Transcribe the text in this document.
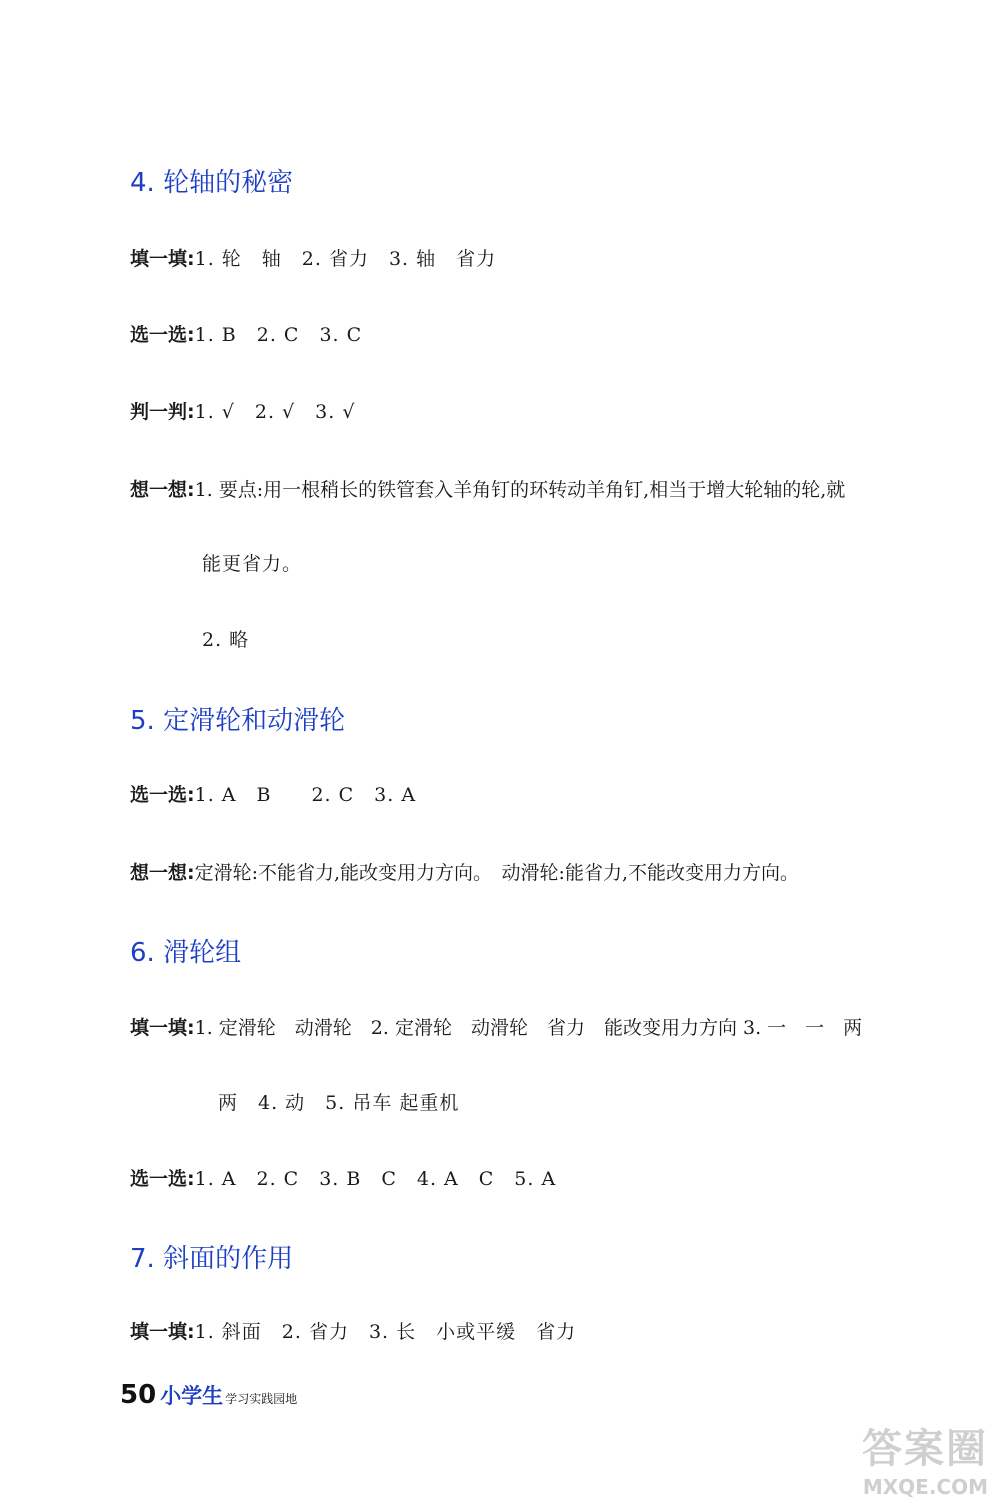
4. 轮轴的秘密
填一填:1. 轮　轴　2. 省力　3. 轴　省力
选一选:1. B　2. C　3. C
判一判:1. √　2. √　3. √
想一想:1. 要点:用一根稍长的铁管套入羊角钉的环转动羊角钉,相当于增大轮轴的轮,就
能更省力。
2. 略
5. 定滑轮和动滑轮
选一选:1. A　B　　2. C　3. A
想一想:定滑轮:不能省力,能改变用力方向。　动滑轮:能省力,不能改变用力方向。
6. 滑轮组
填一填:1. 定滑轮　动滑轮　2. 定滑轮　动滑轮　省力　能改变用力方向 3. 一　一　两
两　4. 动　5. 吊车 起重机
选一选:1. A　2. C　3. B　C　4. A　C　5. A
7. 斜面的作用
填一填:1. 斜面　2. 省力　3. 长　小或平缓　省力
50 小学生 学习实践园地
答案圈
MXQE.COM
